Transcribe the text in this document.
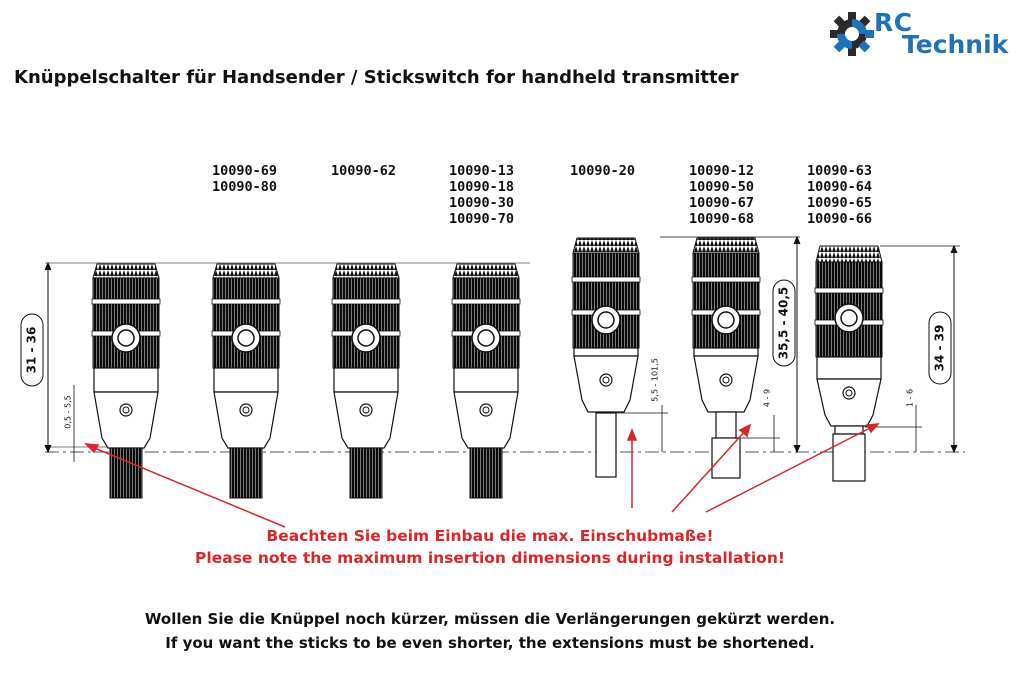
RC
Technik
Knüppelschalter für Handsender / Stickswitch for handheld transmitter
10090-69
10090-80
10090-62	10090-13
10090-18
10090-30
10090-70
10090-20	10090-12
10090-50
10090-67
10090-68
10090-63
10090-64
10090-65
10090-66
31 - 36
0,5 - 5,5
35,5 - 40,5
5,5 - 101,5	4 - 9
34 - 39
1 - 6
Beachten Sie beim Einbau die max. Einschubmaße!
Please note the maximum insertion dimensions during installation!
Wollen Sie die Knüppel noch kürzer, müssen die Verlängerungen gekürzt werden.
If you want the sticks to be even shorter, the extensions must be shortened.
